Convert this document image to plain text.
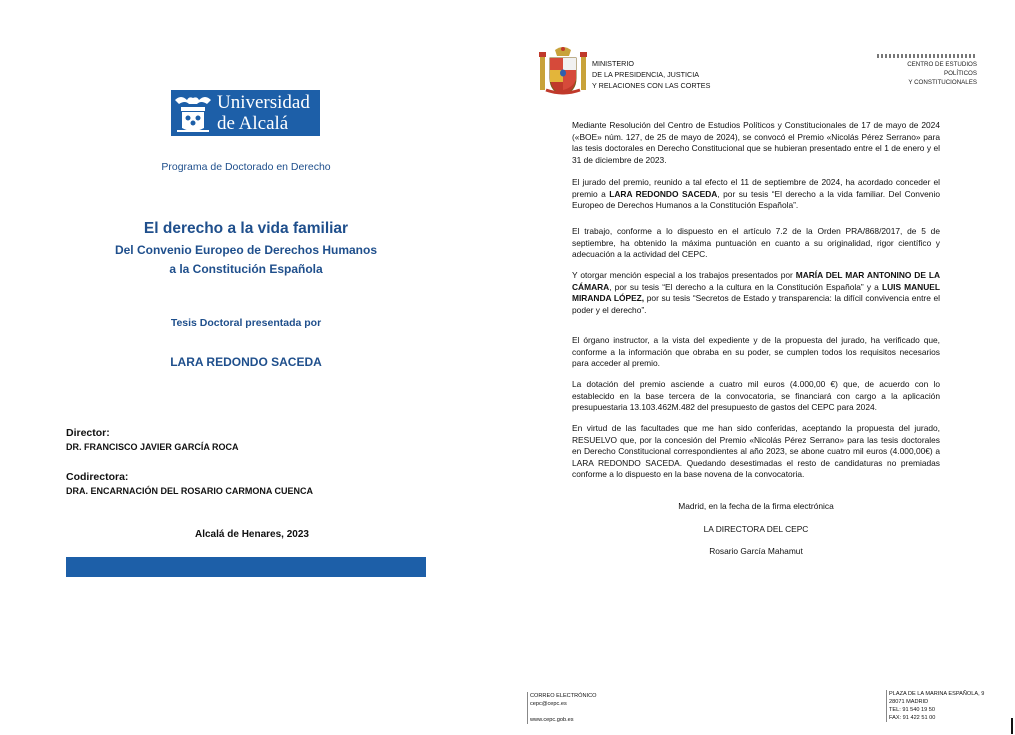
Universidad
de Alcalá
Programa de Doctorado en Derecho
El derecho a la vida familiar
Del Convenio Europeo de Derechos Humanos
a la Constitución Española
Tesis Doctoral presentada por
LARA REDONDO SACEDA
Director:
DR. FRANCISCO JAVIER GARCÍA ROCA
Codirectora:
DRA. ENCARNACIÓN DEL ROSARIO CARMONA CUENCA
Alcalá de Henares, 2023
MINISTERIO
DE LA PRESIDENCIA, JUSTICIA
Y RELACIONES CON LAS CORTES
CENTRO DE ESTUDIOS POLÍTICOS
Y CONSTITUCIONALES
Mediante Resolución del Centro de Estudios Políticos y Constitucionales de 17 de mayo de 2024 («BOE» núm. 127, de 25 de mayo de 2024), se convocó el Premio «Nicolás Pérez Serrano» para las tesis doctorales en Derecho Constitucional que se hubieran presentado entre el 1 de enero y el 31 de diciembre de 2023.
El jurado del premio, reunido a tal efecto el 11 de septiembre de 2024, ha acordado conceder el premio a LARA REDONDO SACEDA, por su tesis “El derecho a la vida familiar. Del Convenio Europeo de Derechos Humanos a la Constitución Española”.
El trabajo, conforme a lo dispuesto en el artículo 7.2 de la Orden PRA/868/2017, de 5 de septiembre, ha obtenido la máxima puntuación en cuanto a su originalidad, rigor científico y adecuación a la actividad del CEPC.
Y otorgar mención especial a los trabajos presentados por MARÍA DEL MAR ANTONINO DE LA CÁMARA, por su tesis “El derecho a la cultura en la Constitución Española” y a LUIS MANUEL MIRANDA LÓPEZ, por su tesis “Secretos de Estado y transparencia: la difícil convivencia entre el poder y el derecho”.
El órgano instructor, a la vista del expediente y de la propuesta del jurado, ha verificado que, conforme a la información que obraba en su poder, se cumplen todos los requisitos necesarios para acceder al premio.
La dotación del premio asciende a cuatro mil euros (4.000,00 €) que, de acuerdo con lo establecido en la base tercera de la convocatoria, se financiará con cargo a la aplicación presupuestaria 13.103.462M.482 del presupuesto de gastos del CEPC para 2024.
En virtud de las facultades que me han sido conferidas, aceptando la propuesta del jurado, RESUELVO que, por la concesión del Premio «Nicolás Pérez Serrano» para las tesis doctorales en Derecho Constitucional correspondientes al año 2023, se abone cuatro mil euros (4.000,00€) a LARA REDONDO SACEDA. Quedando desestimadas el resto de candidaturas no premiadas conforme a lo dispuesto en la base novena de la convocatoria.
Madrid, en la fecha de la firma electrónica
LA DIRECTORA DEL CEPC
Rosario García Mahamut
CORREO ELECTRÓNICO
cepc@cepc.es
www.cepc.gob.es
PLAZA DE LA MARINA ESPAÑOLA, 9
28071 MADRID
TEL: 91 540 19 50
FAX: 91 422 51 00
